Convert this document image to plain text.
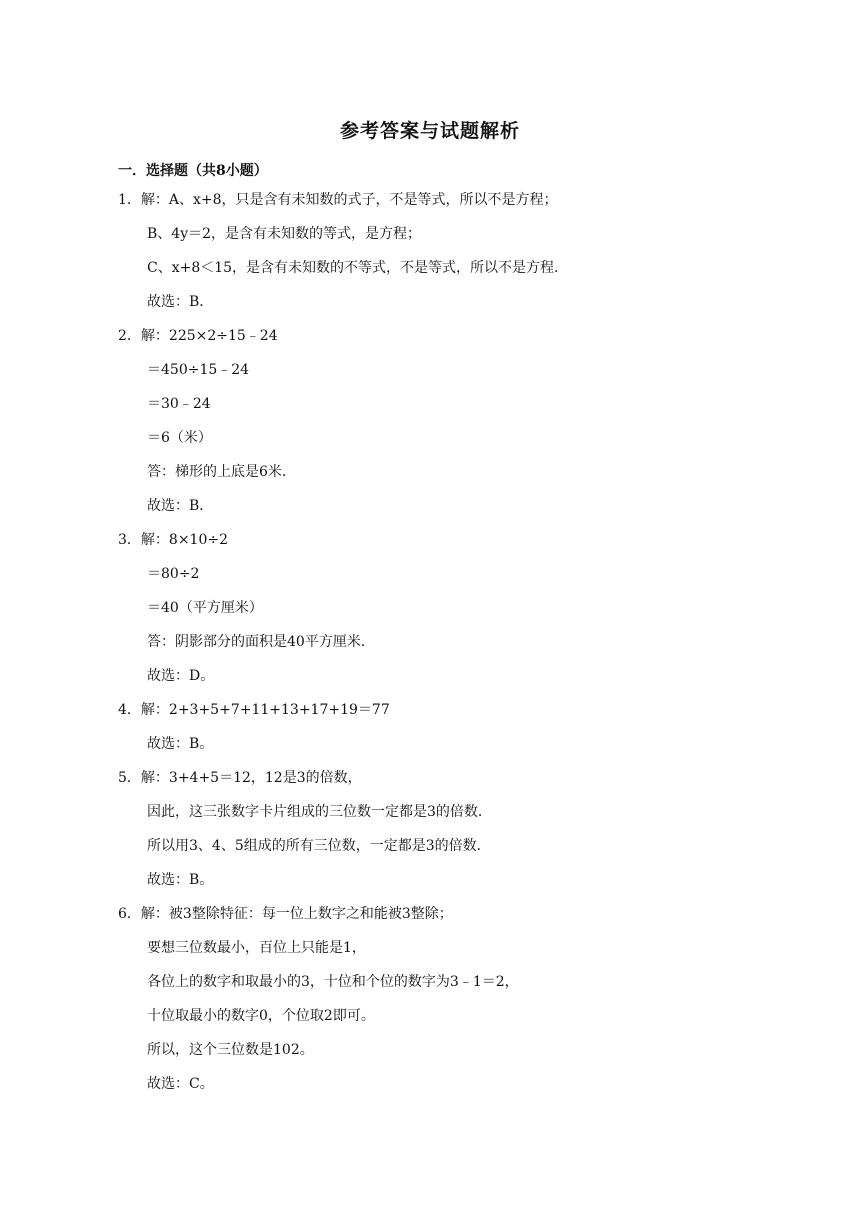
参考答案与试题解析
一．选择题（共8小题）
1．解：A、x+8，只是含有未知数的式子，不是等式，所以不是方程；
B、4y＝2，是含有未知数的等式，是方程；
C、x+8＜15，是含有未知数的不等式，不是等式，所以不是方程．
故选：B．
2．解：225×2÷15﹣24
＝450÷15﹣24
＝30﹣24
＝6（米）
答：梯形的上底是6米．
故选：B．
3．解：8×10÷2
＝80÷2
＝40（平方厘米）
答：阴影部分的面积是40平方厘米．
故选：D。
4．解：2+3+5+7+11+13+17+19＝77
故选：B。
5．解：3+4+5＝12，12是3的倍数，
因此，这三张数字卡片组成的三位数一定都是3的倍数．
所以用3、4、5组成的所有三位数，一定都是3的倍数．
故选：B。
6．解：被3整除特征：每一位上数字之和能被3整除；
要想三位数最小，百位上只能是1，
各位上的数字和取最小的3，十位和个位的数字为3﹣1＝2，
十位取最小的数字0，个位取2即可。
所以，这个三位数是102。
故选：C。
